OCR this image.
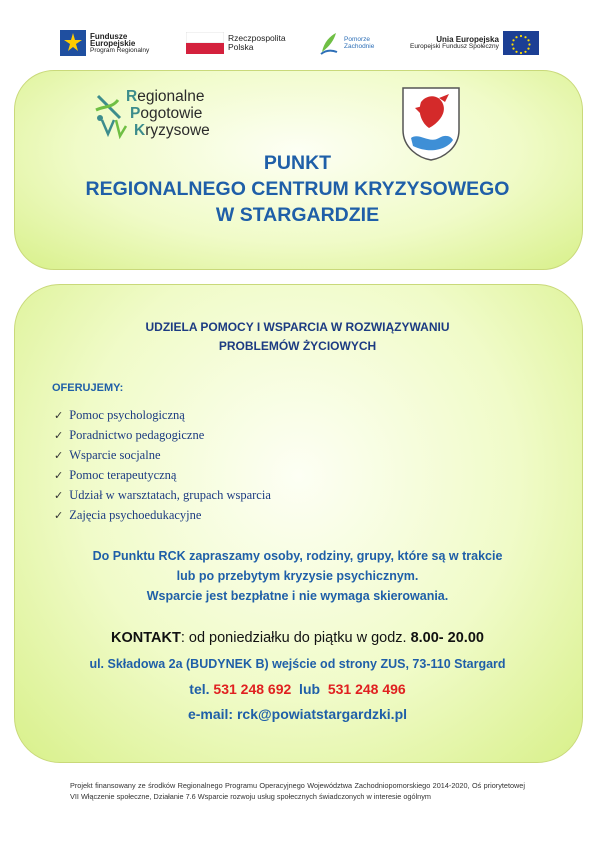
Fundusze
Europejskie
Program Regionalny
Rzeczpospolita
Polska
Pomorze
Zachodnie
Unia Europejska
Europejski Fundusz Społeczny
Regionalne
Pogotowie
Kryzysowe
PUNKT
REGIONALNEGO CENTRUM KRYZYSOWEGO
W STARGARDZIE
UDZIELA POMOCY I WSPARCIA W ROZWIĄZYWANIU
PROBLEMÓW ŻYCIOWYCH
OFERUJEMY:
✓ Pomoc psychologiczną
✓ Poradnictwo pedagogiczne
✓ Wsparcie socjalne
✓ Pomoc terapeutyczną
✓ Udział w warsztatach, grupach wsparcia
✓ Zajęcia psychoedukacyjne
Do Punktu RCK zapraszamy osoby, rodziny, grupy, które są w trakcie
lub po przebytym kryzysie psychicznym.
Wsparcie jest bezpłatne i nie wymaga skierowania.
KONTAKT: od poniedziałku do piątku w godz. 8.00- 20.00
ul. Składowa 2a (BUDYNEK B) wejście od strony ZUS, 73-110 Stargard
tel. 531 248 692  lub  531 248 496
e-mail: rck@powiatstargardzki.pl
Projekt finansowany ze środków Regionalnego Programu Operacyjnego Województwa Zachodniopomorskiego 2014-2020, Oś priorytetowej VII Włączenie społeczne, Działanie 7.6 Wsparcie rozwoju usług społecznych świadczonych w interesie ogólnym
